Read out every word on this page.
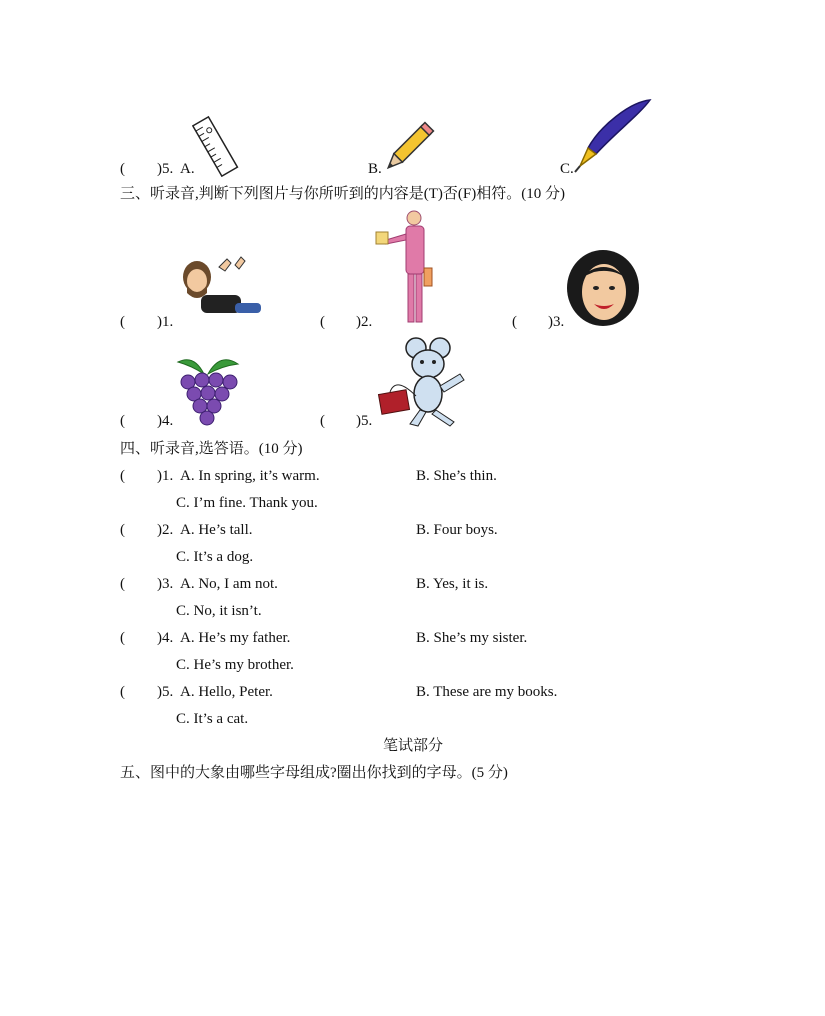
( )5. A.	B.	C.
三、听录音,判断下列图片与你所听到的内容是(T)否(F)相符。(10 分)
( )1.	( )2.	( )3.
( )4.	( )5.
四、听录音,选答语。(10 分)
( )1. A. In spring, it’s warm.	B. She’s thin.
C. I’m fine. Thank you.
( )2. A. He’s tall.	B. Four boys.
C. It’s a dog.
( )3. A. No, I am not.	B. Yes, it is.
C. No, it isn’t.
( )4. A. He’s my father.	B. She’s my sister.
C. He’s my brother.
( )5. A. Hello, Peter.	B. These are my books.
C. It’s a cat.
笔试部分
五、图中的大象由哪些字母组成?圈出你找到的字母。(5 分)
